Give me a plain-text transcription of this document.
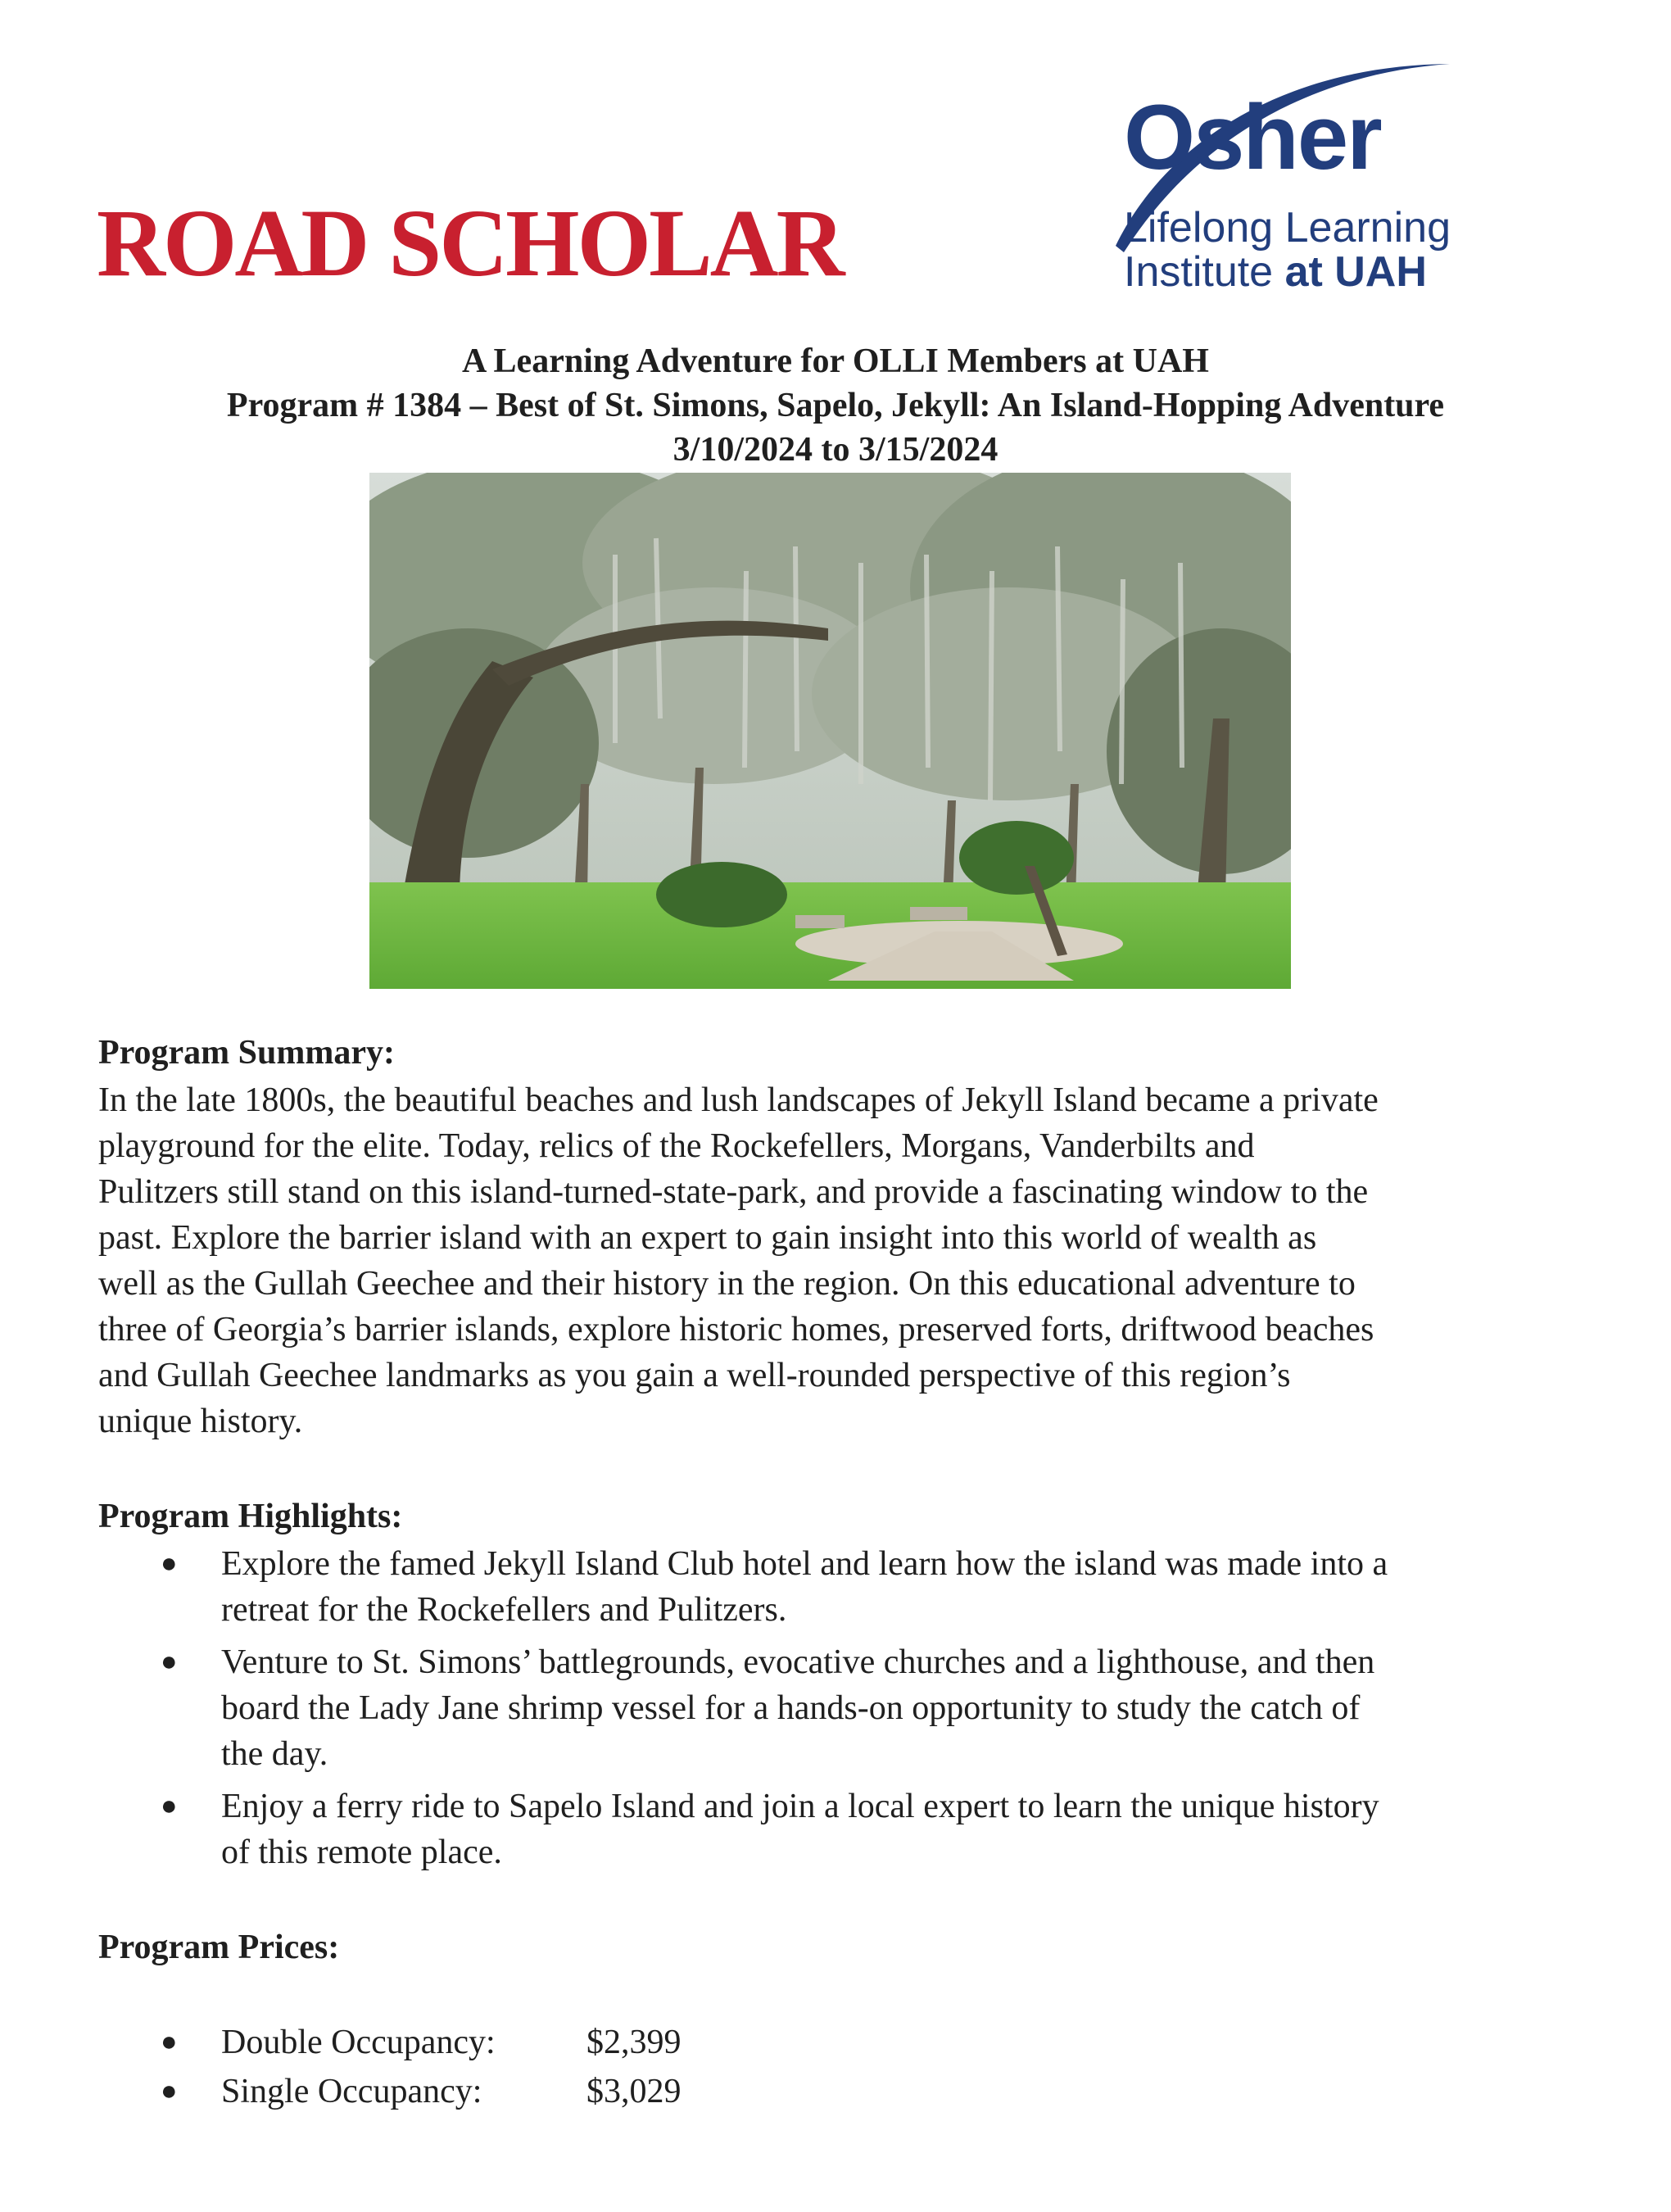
ROAD SCHOLAR
Osher
Lifelong Learning
Institute at UAH
A Learning Adventure for OLLI Members at UAH
Program # 1384 – Best of St. Simons, Sapelo, Jekyll: An Island-Hopping Adventure
3/10/2024 to 3/15/2024
Program Summary:
In the late 1800s, the beautiful beaches and lush landscapes of Jekyll Island became a private
playground for the elite. Today, relics of the Rockefellers, Morgans, Vanderbilts and
Pulitzers still stand on this island-turned-state-park, and provide a fascinating window to the
past. Explore the barrier island with an expert to gain insight into this world of wealth as
well as the Gullah Geechee and their history in the region. On this educational adventure to
three of Georgia’s barrier islands, explore historic homes, preserved forts, driftwood beaches
and Gullah Geechee landmarks as you gain a well-rounded perspective of this region’s
unique history.
Program Highlights:
● Explore the famed Jekyll Island Club hotel and learn how the island was made into a
retreat for the Rockefellers and Pulitzers.
● Venture to St. Simons’ battlegrounds, evocative churches and a lighthouse, and then
board the Lady Jane shrimp vessel for a hands-on opportunity to study the catch of
the day.
● Enjoy a ferry ride to Sapelo Island and join a local expert to learn the unique history
of this remote place.
Program Prices:
● Double Occupancy:	$2,399
● Single Occupancy:	$3,029
